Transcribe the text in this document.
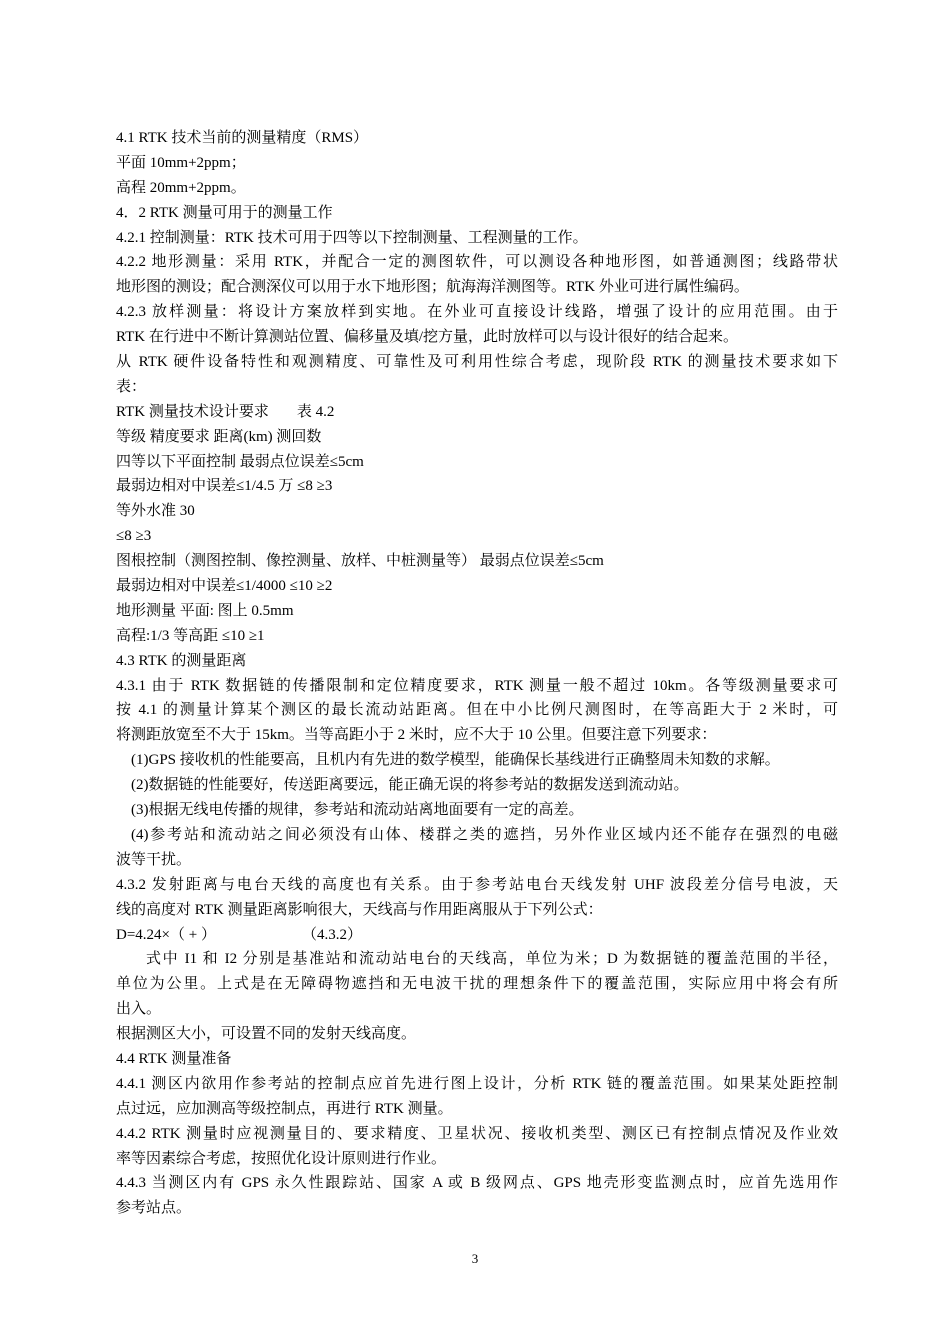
4.1 RTK 技术当前的测量精度（RMS）
平面 10mm+2ppm；
高程 20mm+2ppm。
4．2 RTK 测量可用于的测量工作
4.2.1 控制测量：RTK 技术可用于四等以下控制测量、工程测量的工作。
4.2.2 地形测量：采用 RTK，并配合一定的测图软件，可以测设各种地形图，如普通测图；线路带状
地形图的测设；配合测深仪可以用于水下地形图；航海海洋测图等。RTK 外业可进行属性编码。
4.2.3 放样测量：将设计方案放样到实地。在外业可直接设计线路，增强了设计的应用范围。由于
RTK 在行进中不断计算测站位置、偏移量及填/挖方量，此时放样可以与设计很好的结合起来。
从 RTK 硬件设备特性和观测精度、可靠性及可利用性综合考虑，现阶段 RTK 的测量技术要求如下
表：
RTK 测量技术设计要求 表 4.2
等级 精度要求 距离(km) 测回数
四等以下平面控制 最弱点位误差≤5cm
最弱边相对中误差≤1/4.5 万 ≤8 ≥3
等外水准 30
≤8 ≥3
图根控制（测图控制、像控测量、放样、中桩测量等） 最弱点位误差≤5cm
最弱边相对中误差≤1/4000 ≤10 ≥2
地形测量 平面: 图上 0.5mm
高程:1/3 等高距 ≤10 ≥1
4.3 RTK 的测量距离
4.3.1 由于 RTK 数据链的传播限制和定位精度要求，RTK 测量一般不超过 10km。各等级测量要求可
按 4.1 的测量计算某个测区的最长流动站距离。但在中小比例尺测图时，在等高距大于 2 米时，可
将测距放宽至不大于 15km。当等高距小于 2 米时，应不大于 10 公里。但要注意下列要求：
(1)GPS 接收机的性能要高，且机内有先进的数学模型，能确保长基线进行正确整周未知数的求解。
(2)数据链的性能要好，传送距离要远，能正确无误的将参考站的数据发送到流动站。
(3)根据无线电传播的规律，参考站和流动站离地面要有一定的高差。
(4)参考站和流动站之间必须没有山体、楼群之类的遮挡，另外作业区域内还不能存在强烈的电磁
波等干扰。
4.3.2 发射距离与电台天线的高度也有关系。由于参考站电台天线发射 UHF 波段差分信号电波，天
线的高度对 RTK 测量距离影响很大，天线高与作用距离服从于下列公式：
D=4.24×（ + ）	（4.3.2）
式中 I1 和 I2 分别是基准站和流动站电台的天线高，单位为米；D 为数据链的覆盖范围的半径，
单位为公里。上式是在无障碍物遮挡和无电波干扰的理想条件下的覆盖范围，实际应用中将会有所
出入。
根据测区大小，可设置不同的发射天线高度。
4.4 RTK 测量准备
4.4.1 测区内欲用作参考站的控制点应首先进行图上设计，分析 RTK 链的覆盖范围。如果某处距控制
点过远，应加测高等级控制点，再进行 RTK 测量。
4.4.2 RTK 测量时应视测量目的、要求精度、卫星状况、接收机类型、测区已有控制点情况及作业效
率等因素综合考虑，按照优化设计原则进行作业。
4.4.3 当测区内有 GPS 永久性跟踪站、国家 A 或 B 级网点、GPS 地壳形变监测点时，应首先选用作
参考站点。
3
